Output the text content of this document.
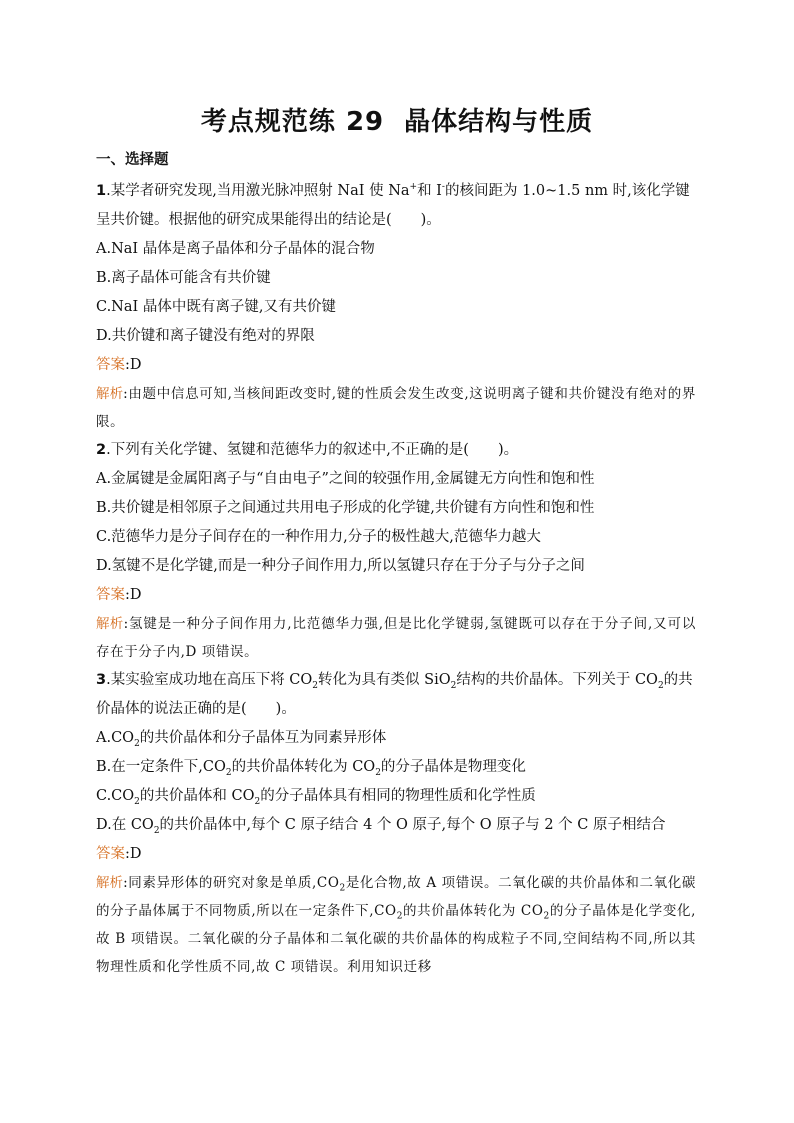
考点规范练 29 晶体结构与性质
一、选择题
1.某学者研究发现,当用激光脉冲照射 NaI 使 Na+和 I-的核间距为 1.0~1.5 nm 时,该化学键呈共价键。根据他的研究成果能得出的结论是(　　)。
A.NaI 晶体是离子晶体和分子晶体的混合物
B.离子晶体可能含有共价键
C.NaI 晶体中既有离子键,又有共价键
D.共价键和离子键没有绝对的界限
答案:D
解析:由题中信息可知,当核间距改变时,键的性质会发生改变,这说明离子键和共价键没有绝对的界限。
2.下列有关化学键、氢键和范德华力的叙述中,不正确的是(　　)。
A.金属键是金属阳离子与“自由电子”之间的较强作用,金属键无方向性和饱和性
B.共价键是相邻原子之间通过共用电子形成的化学键,共价键有方向性和饱和性
C.范德华力是分子间存在的一种作用力,分子的极性越大,范德华力越大
D.氢键不是化学键,而是一种分子间作用力,所以氢键只存在于分子与分子之间
答案:D
解析:氢键是一种分子间作用力,比范德华力强,但是比化学键弱,氢键既可以存在于分子间,又可以存在于分子内,D 项错误。
3.某实验室成功地在高压下将 $CO_2$转化为具有类似 SiO$_2$结构的共价晶体。下列关于 $CO_2$的共价晶体的说法正确的是(　　)。
$A.CO_2$的共价晶体和分子晶体互为同素异形体
B.在一定条件下$,CO_2$的共价晶体转化为 $CO_2$的分子晶体是物理变化
$C.CO_2$的共价晶体和 $CO_2$的分子晶体具有相同的物理性质和化学性质
D.在 $CO_2$的共价晶体中,每个 C 原子结合 4 个 O 原子,每个 O 原子与 2 个 C 原子相结合
答案:D
解析:同素异形体的研究对象是单质$,CO_2$是化合物,故 A 项错误。二氧化碳的共价晶体和二氧化碳的分子晶体属于不同物质,所以在一定条件下$,CO_2$的共价晶体转化为 $CO_2$的分子晶体是化学变化,故 B 项错误。二氧化碳的分子晶体和二氧化碳的共价晶体的构成粒子不同,空间结构不同,所以其物理性质和化学性质不同,故 C 项错误。利用知识迁移
